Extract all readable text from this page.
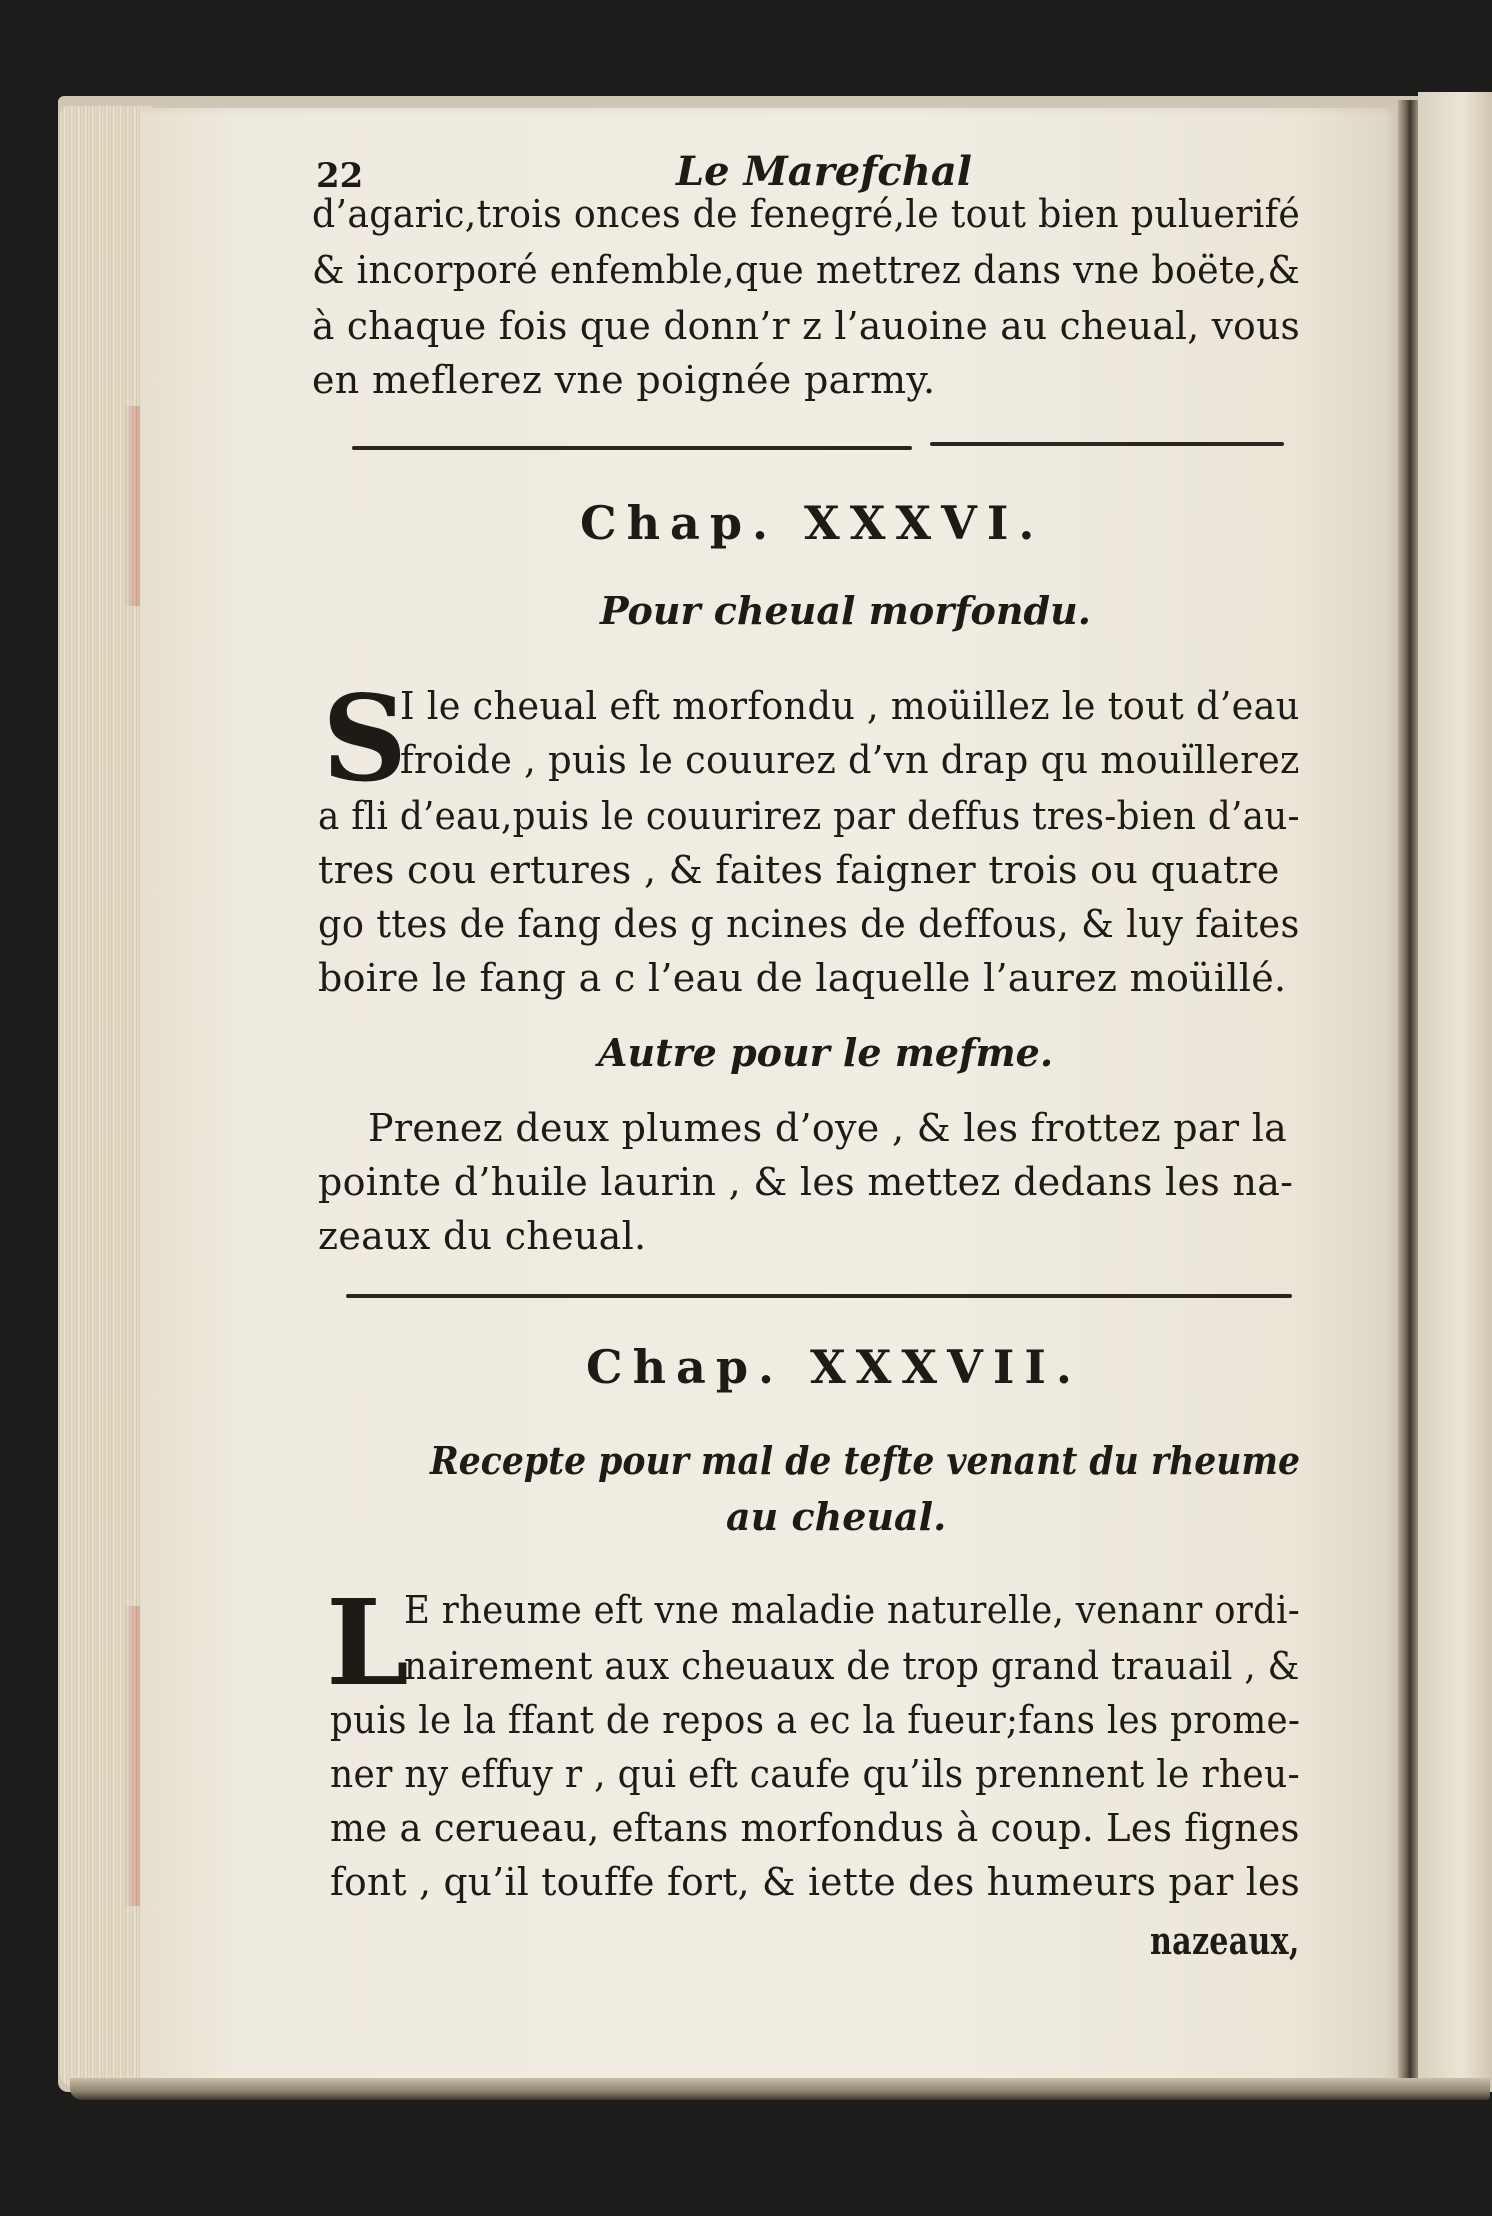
22	Le Marefchal
d’agaric,trois onces de fenegré,le tout bien puluerifé
& incorporé enfemble,que mettrez dans vne boëte,&
à chaque fois que donn’r z l’auoine au cheual, vous
en meflerez vne poignée parmy.
Chap. XXXVI.
Pour cheual morfondu.
S
I le cheual eft morfondu , moüillez le tout d’eau
froide , puis le couurez d’vn drap qu mouïllerez
a fli d’eau,puis le couurirez par deffus tres-bien d’au-
tres cou ertures , & faites faigner trois ou quatre
go ttes de fang des g ncines de deffous, & luy faites
boire le fang a c l’eau de laquelle l’aurez moüillé.
Autre pour le mefme.
Prenez deux plumes d’oye , & les frottez par la
pointe d’huile laurin , & les mettez dedans les na-
zeaux du cheual.
Chap. XXXVII.
Recepte pour mal de tefte venant du rheume
au cheual.
L
E rheume eft vne maladie naturelle, venanr ordi-
nairement aux cheuaux de trop grand trauail , &
puis le la ffant de repos a ec la fueur;fans les prome-
ner ny effuy r , qui eft caufe qu’ils prennent le rheu-
me a cerueau, eftans morfondus à coup. Les fignes
font , qu’il touffe fort, & iette des humeurs par les
nazeaux,
